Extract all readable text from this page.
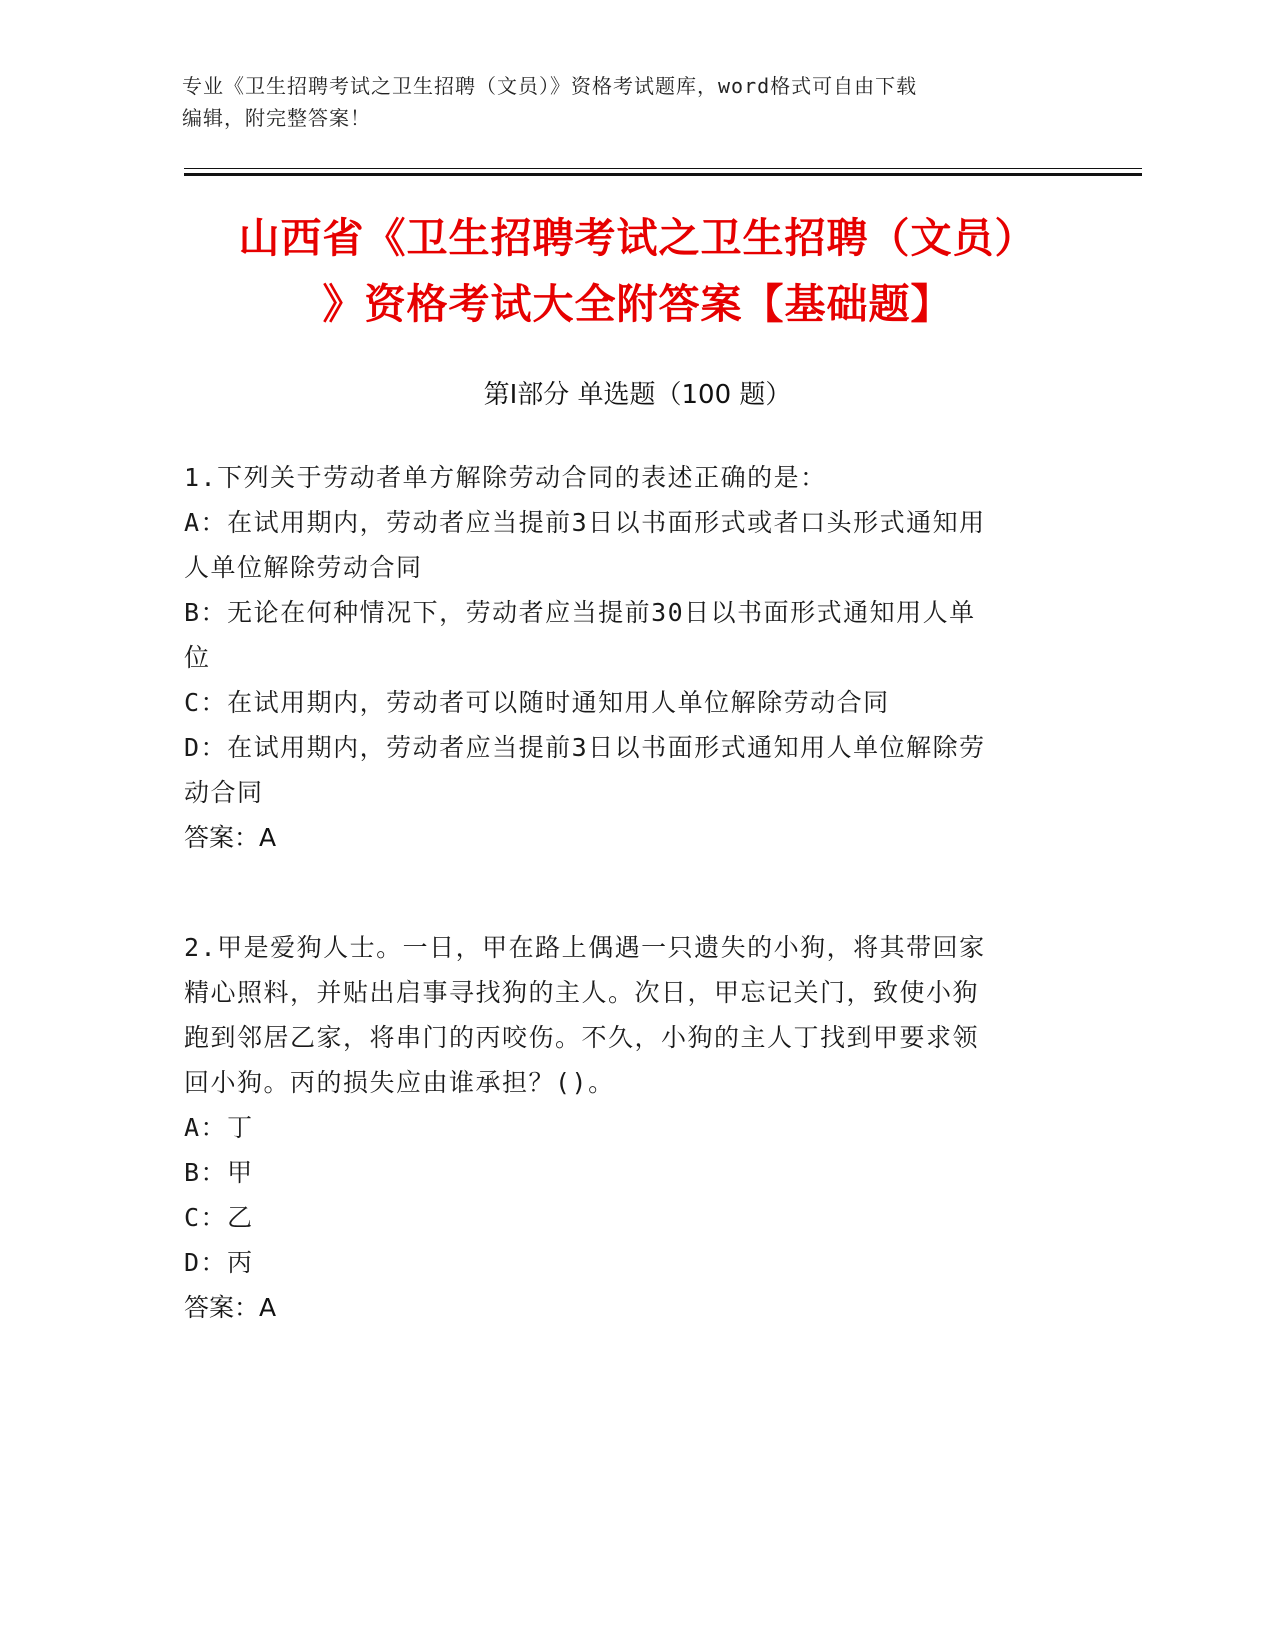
专业《卫生招聘考试之卫生招聘（文员）》资格考试题库，word格式可自由下载
编辑，附完整答案！
山西省《卫生招聘考试之卫生招聘（文员）
》资格考试大全附答案【基础题】
第Ⅰ部分 单选题（100 题）
1.下列关于劳动者单方解除劳动合同的表述正确的是：
A：在试用期内，劳动者应当提前3日以书面形式或者口头形式通知用
人单位解除劳动合同
B：无论在何种情况下，劳动者应当提前30日以书面形式通知用人单
位
C：在试用期内，劳动者可以随时通知用人单位解除劳动合同
D：在试用期内，劳动者应当提前3日以书面形式通知用人单位解除劳
动合同
答案：A
2.甲是爱狗人士。一日，甲在路上偶遇一只遗失的小狗，将其带回家
精心照料，并贴出启事寻找狗的主人。次日，甲忘记关门，致使小狗
跑到邻居乙家，将串门的丙咬伤。不久，小狗的主人丁找到甲要求领
回小狗。丙的损失应由谁承担？()。
A：丁
B：甲
C：乙
D：丙
答案：A
